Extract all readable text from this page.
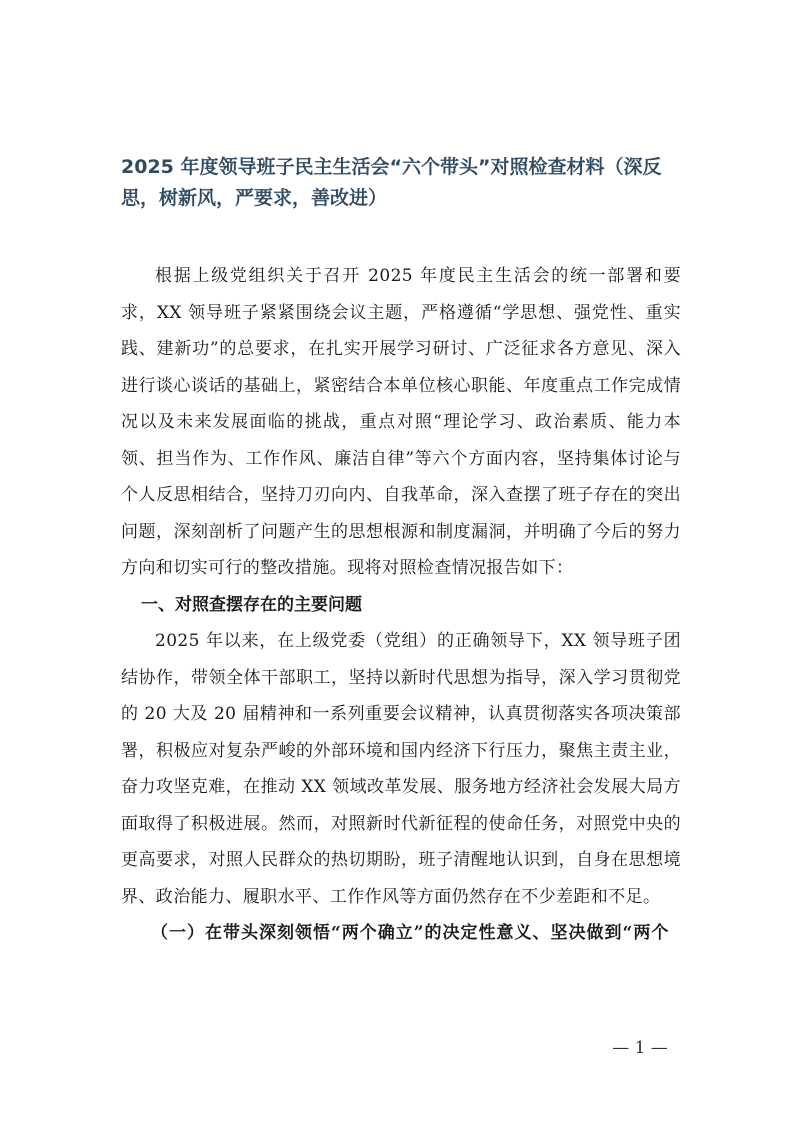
2025 年度领导班子民主生活会“六个带头”对照检查材料（深反思，树新风，严要求，善改进）

根据上级党组织关于召开 2025 年度民主生活会的统一部署和要求，XX 领导班子紧紧围绕会议主题，严格遵循“学思想、强党性、重实践、建新功”的总要求，在扎实开展学习研讨、广泛征求各方意见、深入进行谈心谈话的基础上，紧密结合本单位核心职能、年度重点工作完成情况以及未来发展面临的挑战，重点对照“理论学习、政治素质、能力本领、担当作为、工作作风、廉洁自律”等六个方面内容，坚持集体讨论与个人反思相结合，坚持刀刃向内、自我革命，深入查摆了班子存在的突出问题，深刻剖析了问题产生的思想根源和制度漏洞，并明确了今后的努力方向和切实可行的整改措施。现将对照检查情况报告如下：

一、对照查摆存在的主要问题

2025 年以来，在上级党委（党组）的正确领导下，XX 领导班子团结协作，带领全体干部职工，坚持以新时代思想为指导，深入学习贯彻党的 20 大及 20 届精神和一系列重要会议精神，认真贯彻落实各项决策部署，积极应对复杂严峻的外部环境和国内经济下行压力，聚焦主责主业，奋力攻坚克难，在推动 XX 领域改革发展、服务地方经济社会发展大局方面取得了积极进展。然而，对照新时代新征程的使命任务，对照党中央的更高要求，对照人民群众的热切期盼，班子清醒地认识到，自身在思想境界、政治能力、履职水平、工作作风等方面仍然存在不少差距和不足。

（一）在带头深刻领悟“两个确立”的决定性意义、坚决做到“两个

— 1 —
